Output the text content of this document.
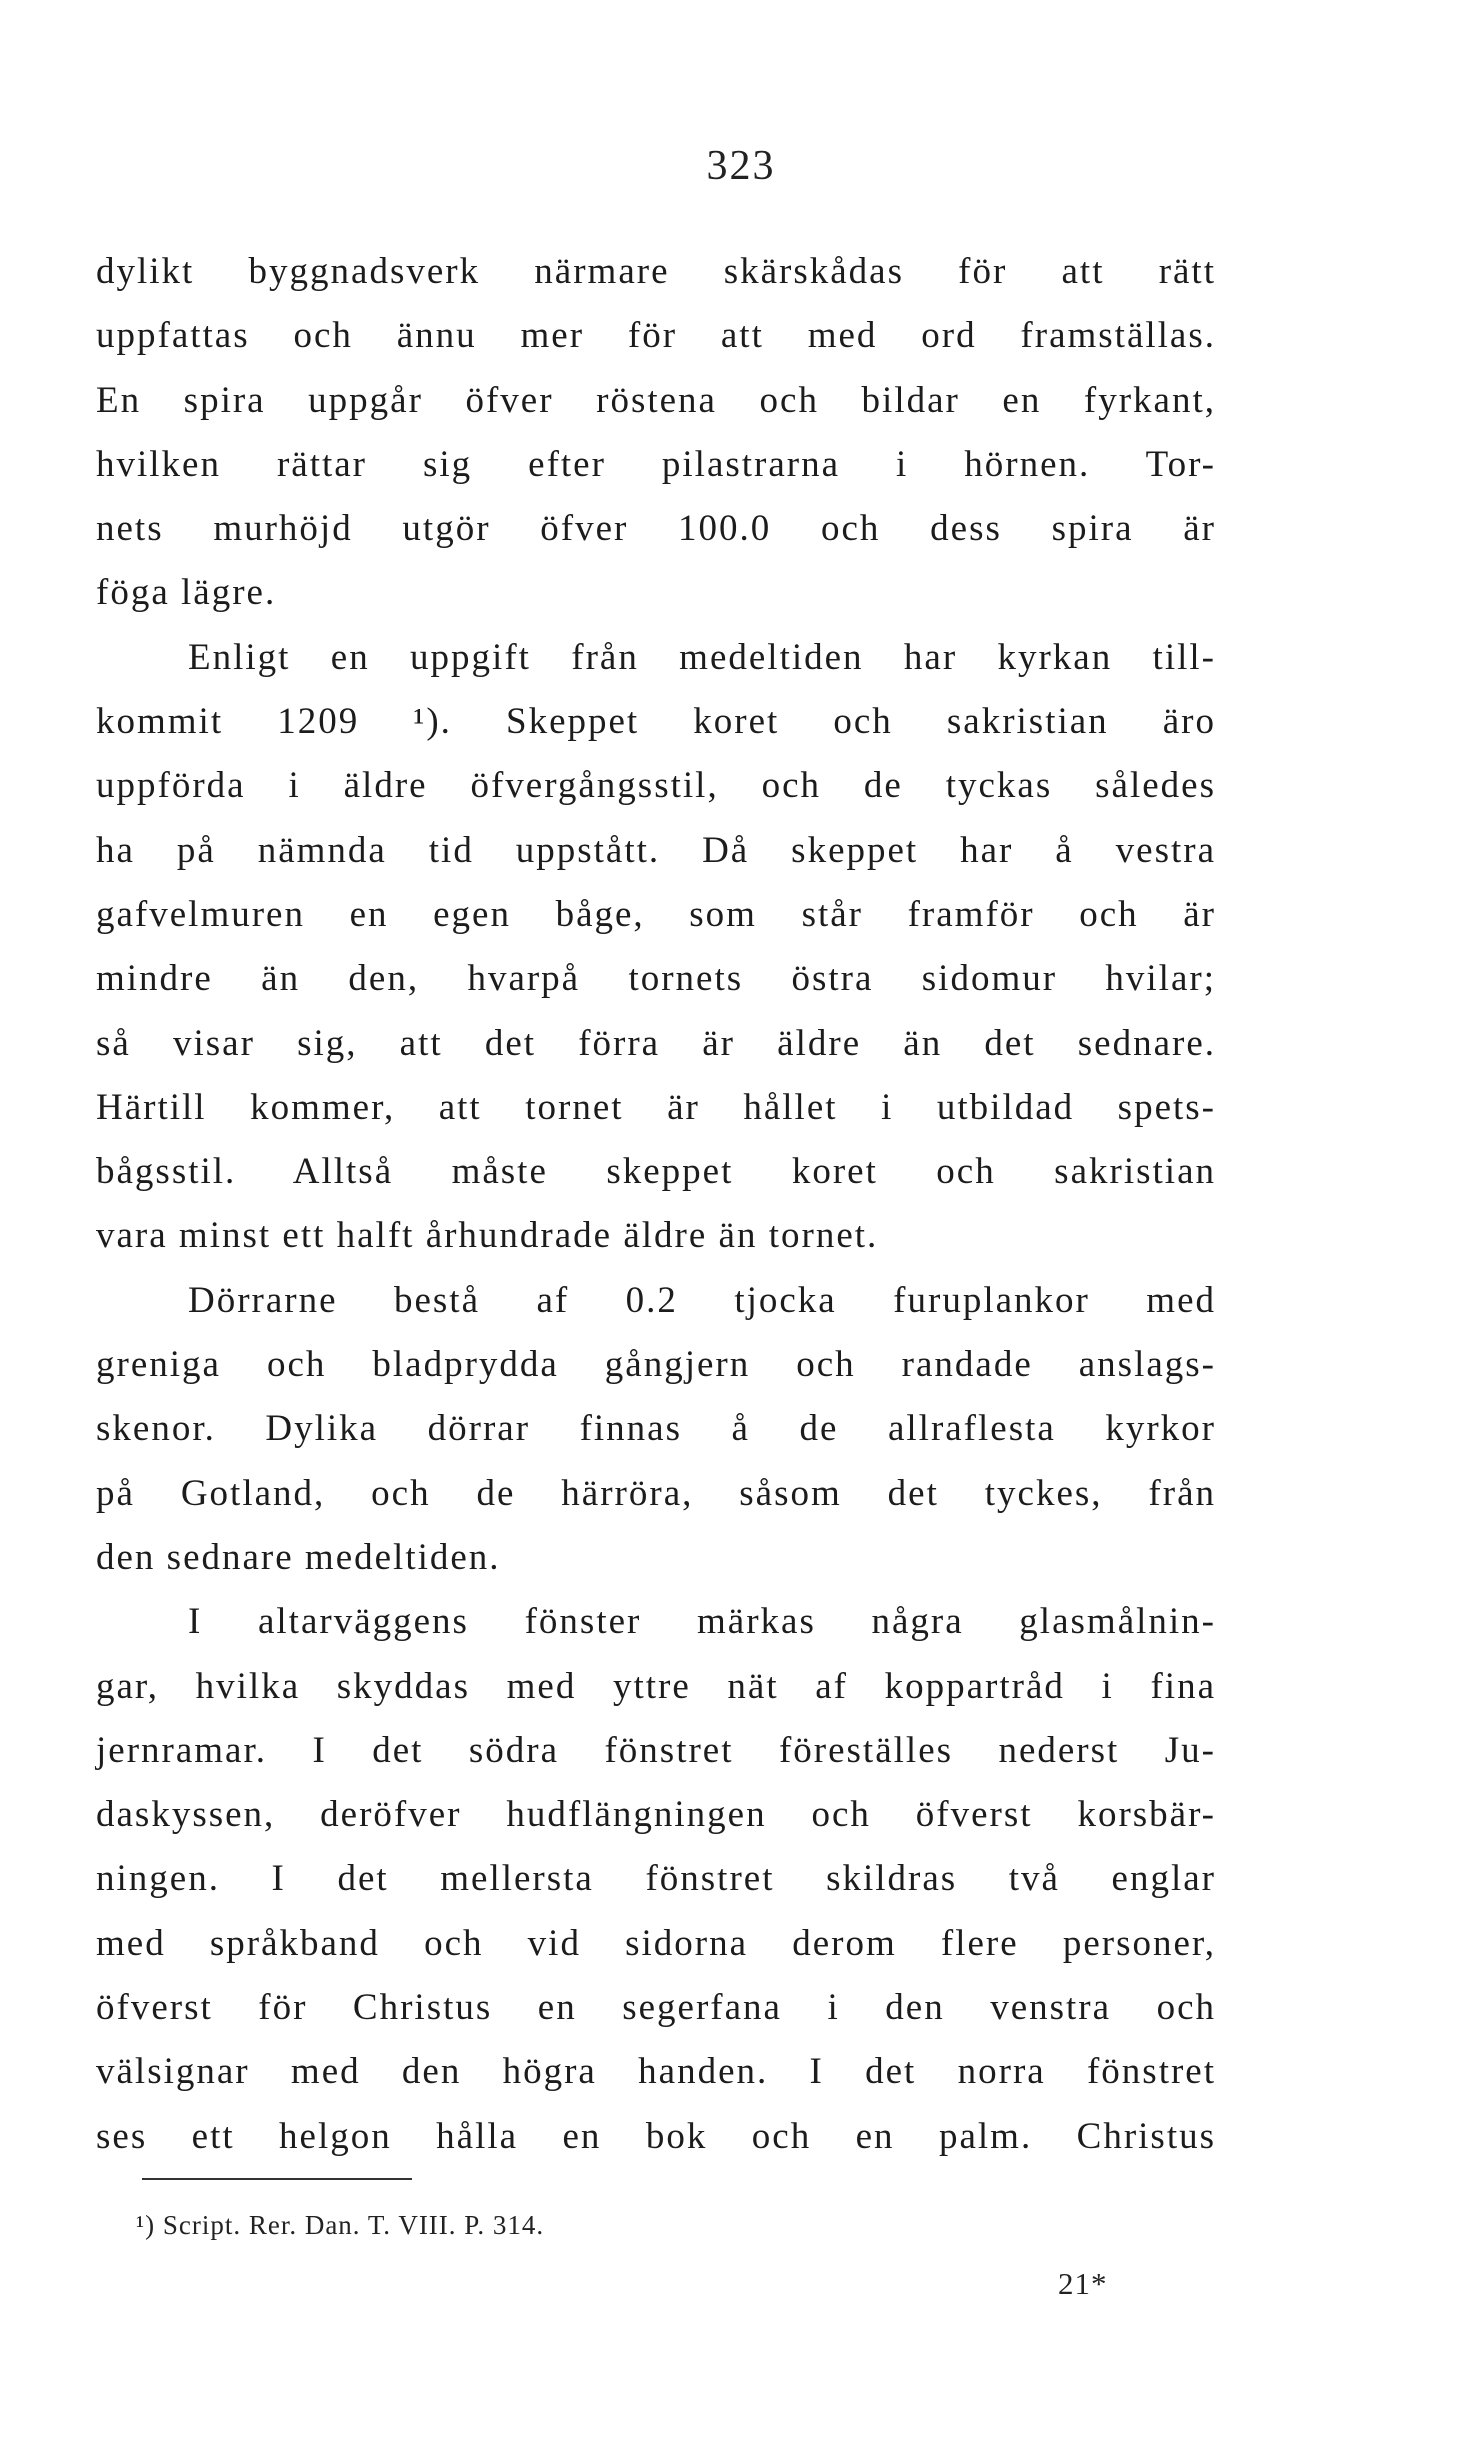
323
dylikt byggnadsverk närmare skärskådas för att rätt
uppfattas och ännu mer för att med ord framställas.
En spira uppgår öfver röstena och bildar en fyrkant,
hvilken rättar sig efter pilastrarna i hörnen. Tor-
nets murhöjd utgör öfver 100.0 och dess spira är
föga lägre.
Enligt en uppgift från medeltiden har kyrkan till-
kommit 1209 ¹). Skeppet koret och sakristian äro
uppförda i äldre öfvergångsstil, och de tyckas således
ha på nämnda tid uppstått. Då skeppet har å vestra
gafvelmuren en egen båge, som står framför och är
mindre än den, hvarpå tornets östra sidomur hvilar;
så visar sig, att det förra är äldre än det sednare.
Härtill kommer, att tornet är hållet i utbildad spets-
bågsstil. Alltså måste skeppet koret och sakristian
vara minst ett halft århundrade äldre än tornet.
Dörrarne bestå af 0.2 tjocka furuplankor med
greniga och bladprydda gångjern och randade anslags-
skenor. Dylika dörrar finnas å de allraflesta kyrkor
på Gotland, och de härröra, såsom det tyckes, från
den sednare medeltiden.
I altarväggens fönster märkas några glasmålnin-
gar, hvilka skyddas med yttre nät af koppartråd i fina
jernramar. I det södra fönstret föreställes nederst Ju-
daskyssen, deröfver hudflängningen och öfverst korsbär-
ningen. I det mellersta fönstret skildras två englar
med språkband och vid sidorna derom flere personer,
öfverst för Christus en segerfana i den venstra och
välsignar med den högra handen. I det norra fönstret
ses ett helgon hålla en bok och en palm. Christus
¹) Script. Rer. Dan. T. VIII. P. 314.
21*
